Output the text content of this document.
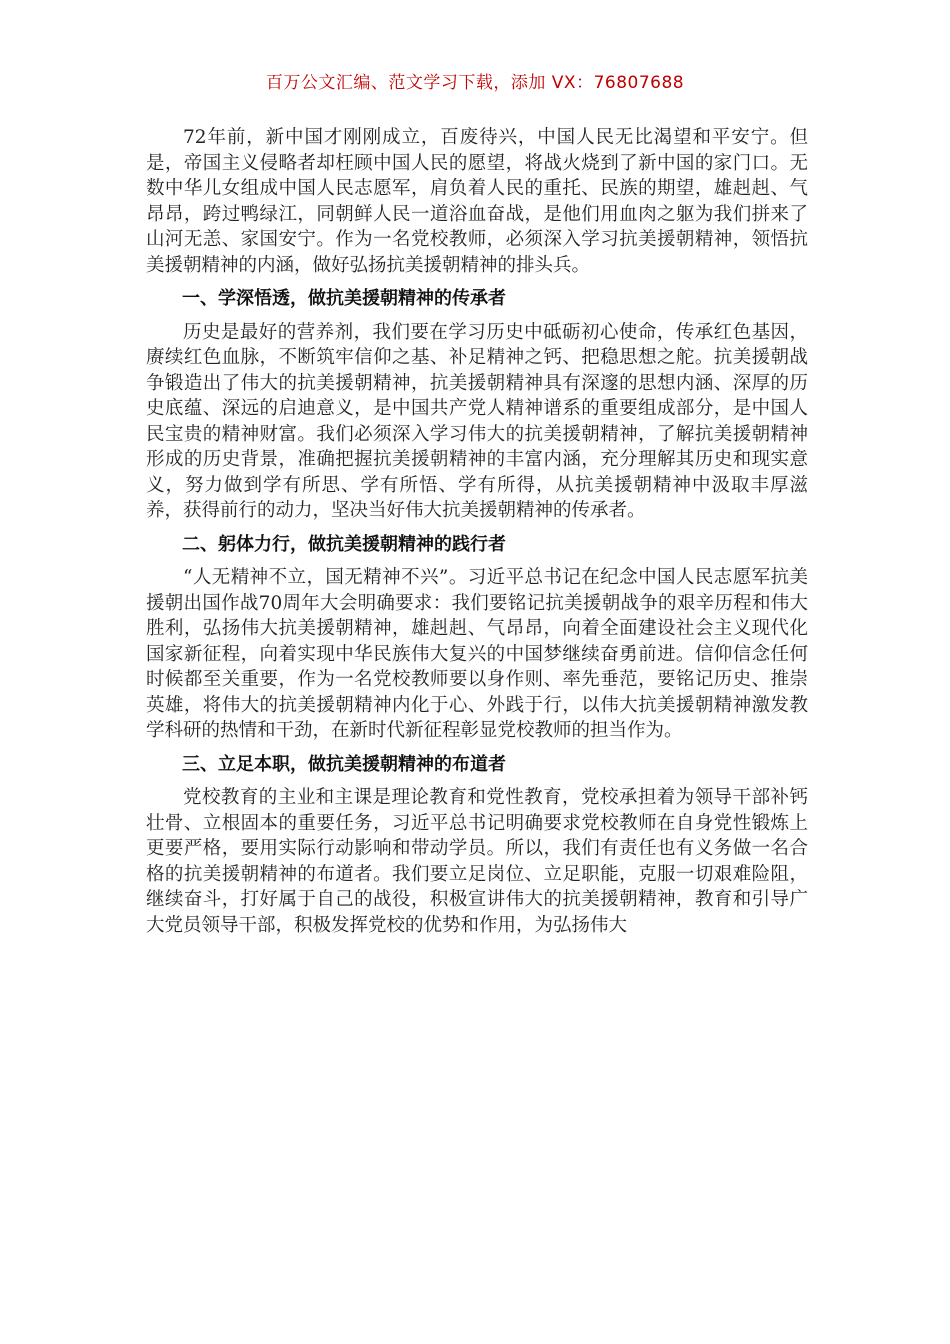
百万公文汇编、范文学习下载，添加 VX：76807688

72年前，新中国才刚刚成立，百废待兴，中国人民无比渴望和平安宁。但是，帝国主义侵略者却枉顾中国人民的愿望，将战火烧到了新中国的家门口。无数中华儿女组成中国人民志愿军，肩负着人民的重托、民族的期望，雄赳赳、气昂昂，跨过鸭绿江，同朝鲜人民一道浴血奋战，是他们用血肉之躯为我们拼来了山河无恙、家国安宁。作为一名党校教师，必须深入学习抗美援朝精神，领悟抗美援朝精神的内涵，做好弘扬抗美援朝精神的排头兵。

一、学深悟透，做抗美援朝精神的传承者

历史是最好的营养剂，我们要在学习历史中砥砺初心使命，传承红色基因，赓续红色血脉，不断筑牢信仰之基、补足精神之钙、把稳思想之舵。抗美援朝战争锻造出了伟大的抗美援朝精神，抗美援朝精神具有深邃的思想内涵、深厚的历史底蕴、深远的启迪意义，是中国共产党人精神谱系的重要组成部分，是中国人民宝贵的精神财富。我们必须深入学习伟大的抗美援朝精神，了解抗美援朝精神形成的历史背景，准确把握抗美援朝精神的丰富内涵，充分理解其历史和现实意义，努力做到学有所思、学有所悟、学有所得，从抗美援朝精神中汲取丰厚滋养，获得前行的动力，坚决当好伟大抗美援朝精神的传承者。

二、躬体力行，做抗美援朝精神的践行者

“人无精神不立，国无精神不兴”。习近平总书记在纪念中国人民志愿军抗美援朝出国作战70周年大会明确要求：我们要铭记抗美援朝战争的艰辛历程和伟大胜利，弘扬伟大抗美援朝精神，雄赳赳、气昂昂，向着全面建设社会主义现代化国家新征程，向着实现中华民族伟大复兴的中国梦继续奋勇前进。信仰信念任何时候都至关重要，作为一名党校教师要以身作则、率先垂范，要铭记历史、推崇英雄，将伟大的抗美援朝精神内化于心、外践于行，以伟大抗美援朝精神激发教学科研的热情和干劲，在新时代新征程彰显党校教师的担当作为。

三、立足本职，做抗美援朝精神的布道者

党校教育的主业和主课是理论教育和党性教育，党校承担着为领导干部补钙壮骨、立根固本的重要任务，习近平总书记明确要求党校教师在自身党性锻炼上更要严格，要用实际行动影响和带动学员。所以，我们有责任也有义务做一名合格的抗美援朝精神的布道者。我们要立足岗位、立足职能，克服一切艰难险阻，继续奋斗，打好属于自己的战役，积极宣讲伟大的抗美援朝精神，教育和引导广大党员领导干部，积极发挥党校的优势和作用，为弘扬伟大
